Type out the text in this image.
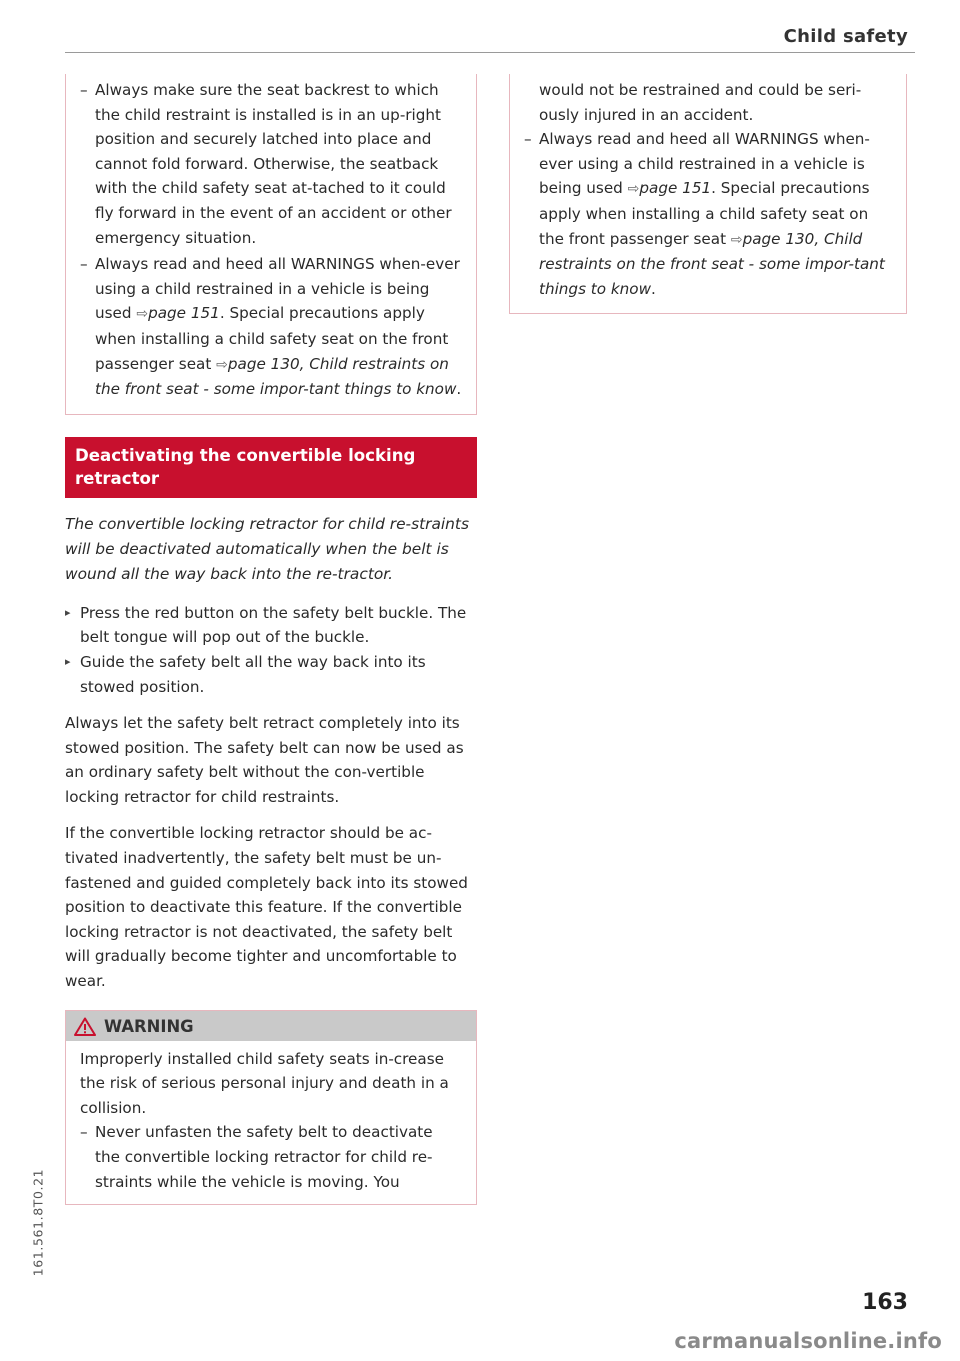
Child safety
– Always make sure the seat backrest to which the child restraint is installed is in an up-right position and securely latched into place and cannot fold forward. Otherwise, the seatback with the child safety seat at-tached to it could fly forward in the event of an accident or other emergency situation.
– Always read and heed all WARNINGS when-ever using a child restrained in a vehicle is being used ⇨page 151. Special precautions apply when installing a child safety seat on the front passenger seat ⇨page 130, Child restraints on the front seat - some impor-tant things to know.
Deactivating the convertible locking retractor
The convertible locking retractor for child re-straints will be deactivated automatically when the belt is wound all the way back into the re-tractor.
▸ Press the red button on the safety belt buckle. The belt tongue will pop out of the buckle.
▸ Guide the safety belt all the way back into its stowed position.

Always let the safety belt retract completely into its stowed position. The safety belt can now be used as an ordinary safety belt without the con-vertible locking retractor for child restraints.

If the convertible locking retractor should be ac-tivated inadvertently, the safety belt must be un-fastened and guided completely back into its stowed position to deactivate this feature. If the convertible locking retractor is not deactivated, the safety belt will gradually become tighter and uncomfortable to wear.

WARNING

Improperly installed child safety seats in-crease the risk of serious personal injury and death in a collision.

– Never unfasten the safety belt to deactivate the convertible locking retractor for child re-straints while the vehicle is moving. You

would not be restrained and could be seri-ously injured in an accident.

– Always read and heed all WARNINGS when-ever using a child restrained in a vehicle is being used ⇨page 151. Special precautions apply when installing a child safety seat on the front passenger seat ⇨page 130, Child restraints on the front seat - some impor-tant things to know.
161.561.8T0.21
163
carmanualsonline.info
